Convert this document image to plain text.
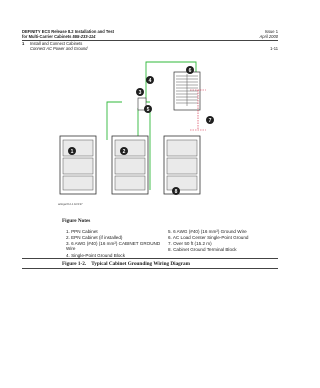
DEFINITY ECS Release 8.2 Installation and Test
for Multi-Carrier Cabinets 555-233-114
1 Install and Connect Cabinets
Connect AC Power and Ground
Issue 1
April 2000
1-11
1	2
3
4
7
6
5
8
artlogal 8-2-1 AC3.97
Figure Notes
1. PPN Cabinet
2. EPN Cabinet (if installed)
3. 6 AWG (#40) (16 mm²) CABINET GROUND Wire
4. Single-Point Ground Block
5. 6 AWG (#40) (16 mm²) Ground Wire
6. AC Load Center Single-Point Ground
7. Over 50 ft (15.2 m)
8. Cabinet Ground Terminal Block
Figure 1-2. Typical Cabinet Grounding Wiring Diagram
